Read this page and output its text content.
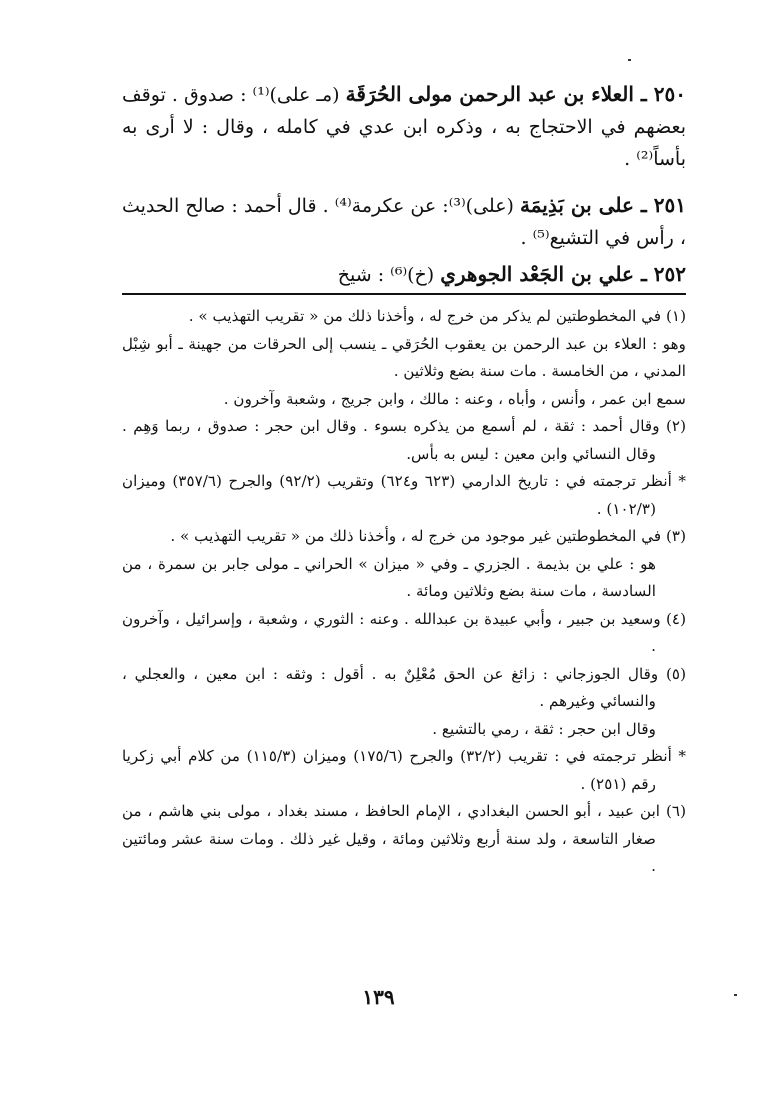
٢٥٠ ـ العلاء بن عبد الرحمن مولى الحُرَقَة (مـ على)⁽¹⁾ : صدوق . توقف بعضهم في الاحتجاج به ، وذكره ابن عدي في كامله ، وقال : لا أرى به بأساً⁽²⁾ .

٢٥١ ـ على بن بَذِيمَة (على)⁽³⁾: عن عكرمة⁽⁴⁾ . قال أحمد : صالح الحديث ، رأس في التشيع⁽⁵⁾ .

٢٥٢ ـ علي بن الجَعْد الجوهري (خ)⁽⁶⁾ : شيخ

(١) في المخطوطتين لم يذكر من خرج له ، وأخذنا ذلك من « تقريب التهذيب » .

وهو : العلاء بن عبد الرحمن بن يعقوب الحُرَقي ـ ينسب إلى الحرقات من جهينة ـ أبو شِبْل المدني ، من الخامسة . مات سنة بضع وثلاثين .

سمع ابن عمر ، وأنس ، وأباه ، وعنه : مالك ، وابن جريج ، وشعبة وآخرون .

(٢) وقال أحمد : ثقة ، لم أسمع من يذكره بسوء . وقال ابن حجر : صدوق ، ربما وَهِم . وقال النسائي وابن معين : ليس به بأس.

* أنظر ترجمته في : تاريخ الدارمي (٦٢٣ و٦٢٤) وتقريب (٩٢/٢) والجرح (٣٥٧/٦) وميزان (١٠٢/٣) .

(٣) في المخطوطتين غير موجود من خرج له ، وأخذنا ذلك من « تقريب التهذيب » .

هو : علي بن بذيمة . الجزري ـ وفي « ميزان » الحراني ـ مولى جابر بن سمرة ، من السادسة ، مات سنة بضع وثلاثين ومائة .

(٤) وسعيد بن جبير ، وأبي عبيدة بن عبدالله . وعنه : الثوري ، وشعبة ، وإسرائيل ، وآخرون .

(٥) وقال الجوزجاني : زائغ عن الحق مُعْلِنٌ به . أقول : وثقه : ابن معين ، والعجلي ، والنسائي وغيرهم .

وقال ابن حجر : ثقة ، رمي بالتشيع .

* أنظر ترجمته في : تقريب (٣٢/٢) والجرح (١٧٥/٦) وميزان (١١٥/٣) من كلام أبي زكريا رقم (٢٥١) .

(٦) ابن عبيد ، أبو الحسن البغدادي ، الإمام الحافظ ، مسند بغداد ، مولى بني هاشم ، من صغار التاسعة ، ولد سنة أربع وثلاثين ومائة ، وقيل غير ذلك . ومات سنة عشر ومائتين .

١٣٩
